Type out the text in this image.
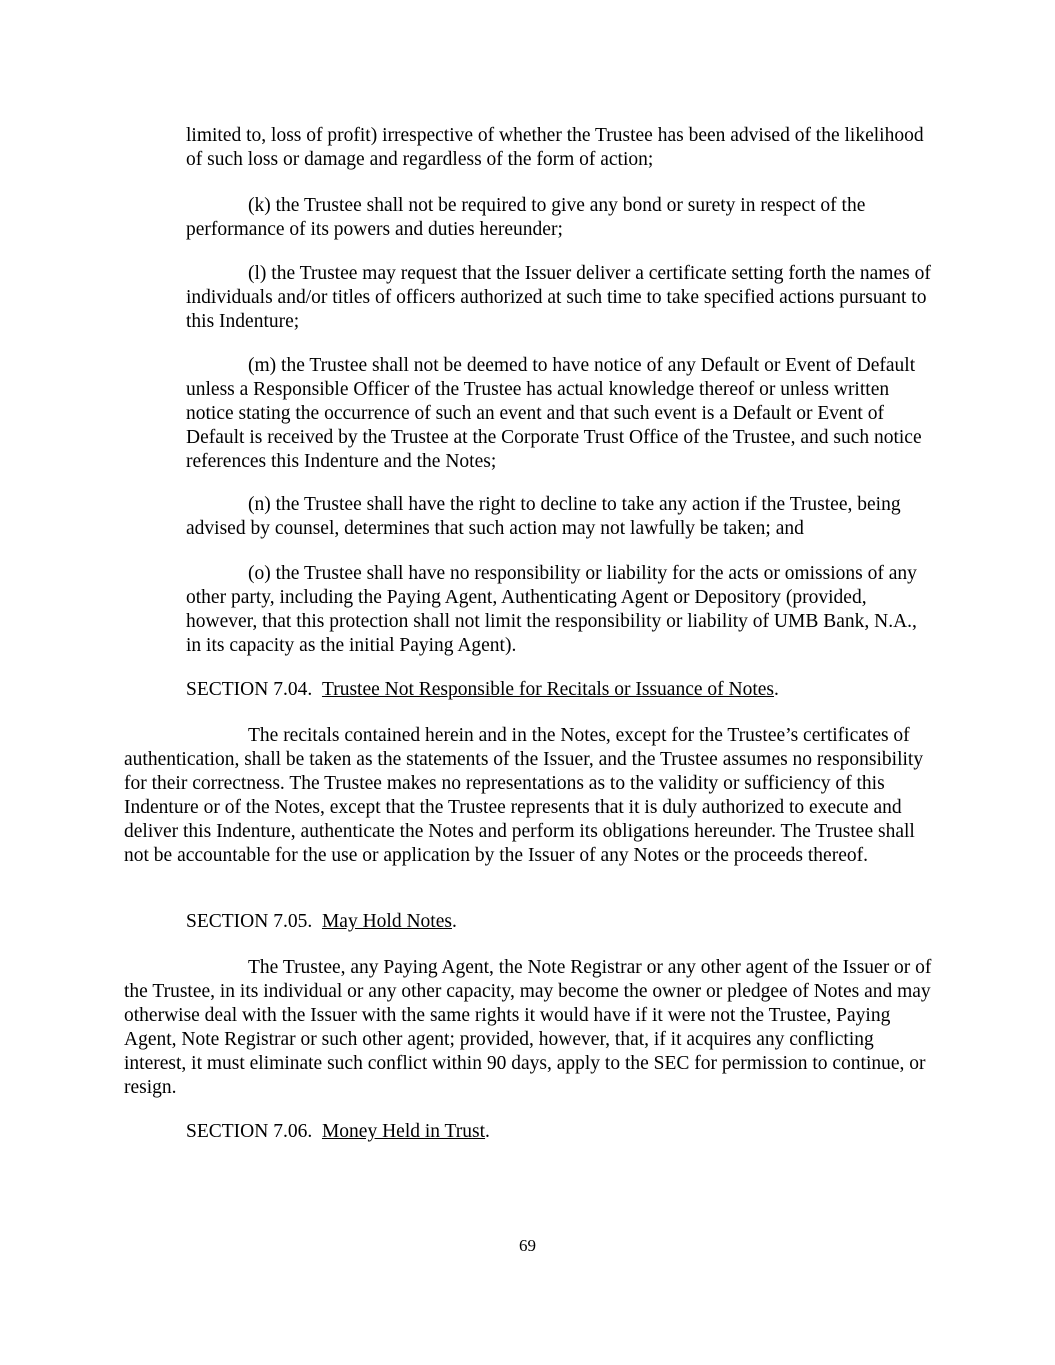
limited to, loss of profit) irrespective of whether the Trustee has been advised of the likelihood of such loss or damage and regardless of the form of action;

(k) the Trustee shall not be required to give any bond or surety in respect of the performance of its powers and duties hereunder;

(l) the Trustee may request that the Issuer deliver a certificate setting forth the names of individuals and/or titles of officers authorized at such time to take specified actions pursuant to this Indenture;

(m) the Trustee shall not be deemed to have notice of any Default or Event of Default unless a Responsible Officer of the Trustee has actual knowledge thereof or unless written notice stating the occurrence of such an event and that such event is a Default or Event of Default is received by the Trustee at the Corporate Trust Office of the Trustee, and such notice references this Indenture and the Notes;

(n) the Trustee shall have the right to decline to take any action if the Trustee, being advised by counsel, determines that such action may not lawfully be taken; and

(o) the Trustee shall have no responsibility or liability for the acts or omissions of any other party, including the Paying Agent, Authenticating Agent or Depository (provided, however, that this protection shall not limit the responsibility or liability of UMB Bank, N.A., in its capacity as the initial Paying Agent).

SECTION 7.04. Trustee Not Responsible for Recitals or Issuance of Notes.

The recitals contained herein and in the Notes, except for the Trustee’s certificates of authentication, shall be taken as the statements of the Issuer, and the Trustee assumes no responsibility for their correctness. The Trustee makes no representations as to the validity or sufficiency of this Indenture or of the Notes, except that the Trustee represents that it is duly authorized to execute and deliver this Indenture, authenticate the Notes and perform its obligations hereunder. The Trustee shall not be accountable for the use or application by the Issuer of any Notes or the proceeds thereof.

SECTION 7.05. May Hold Notes.

The Trustee, any Paying Agent, the Note Registrar or any other agent of the Issuer or of the Trustee, in its individual or any other capacity, may become the owner or pledgee of Notes and may otherwise deal with the Issuer with the same rights it would have if it were not the Trustee, Paying Agent, Note Registrar or such other agent; provided, however, that, if it acquires any conflicting interest, it must eliminate such conflict within 90 days, apply to the SEC for permission to continue, or resign.

SECTION 7.06. Money Held in Trust.

69
